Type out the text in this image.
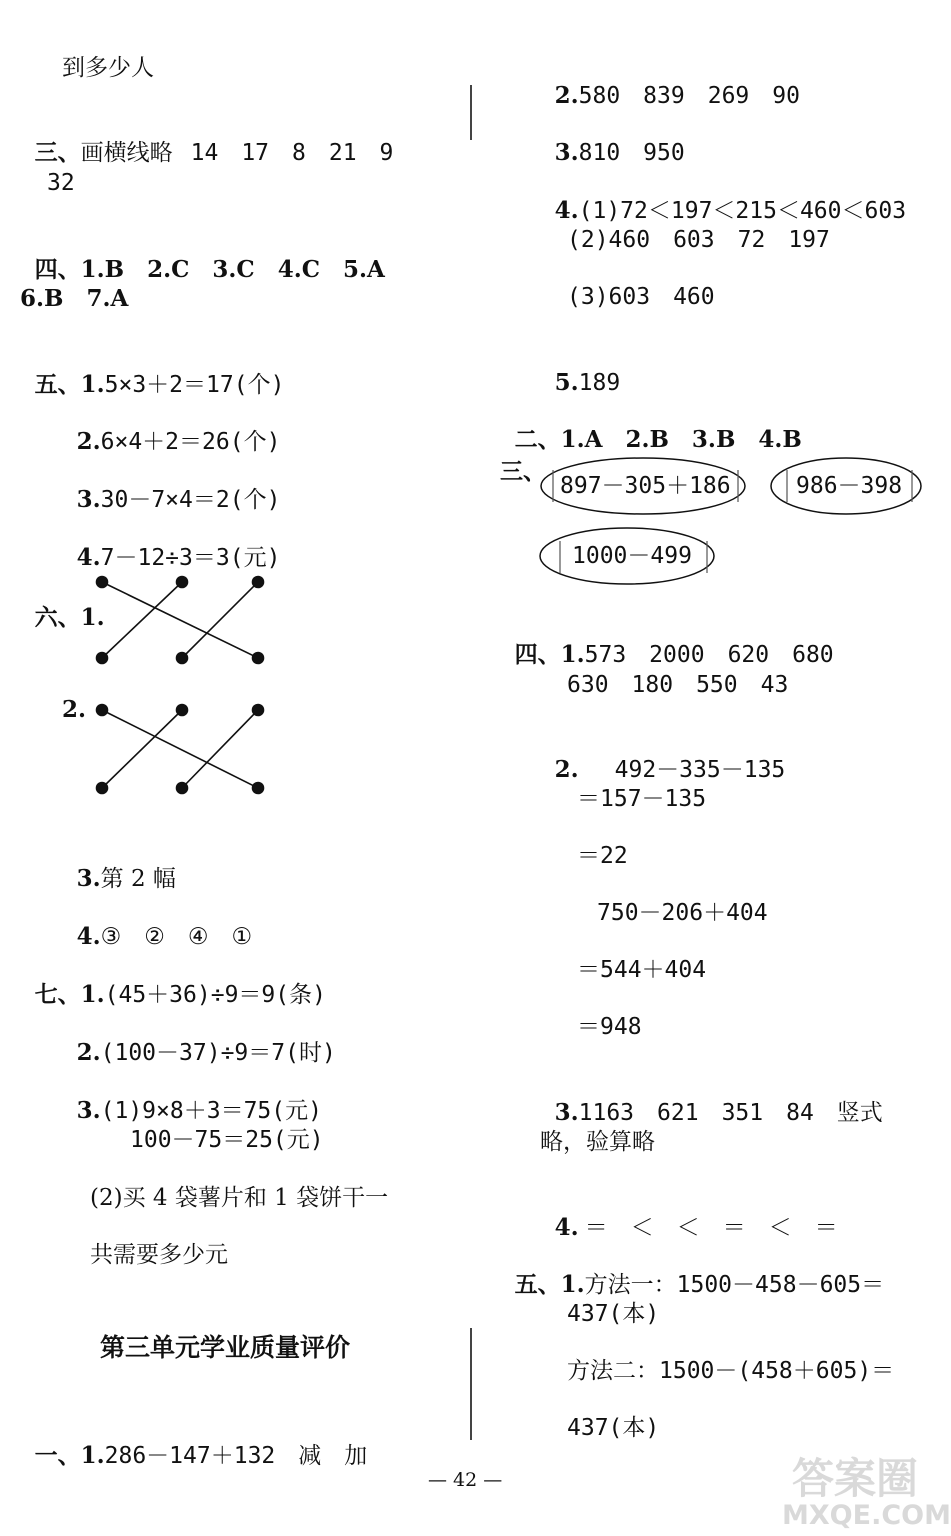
到多少人

三、画横线略 14　17　8　21　9

32

四、1.B　2.C　3.C　4.C　5.A

6.B　7.A

五、1.5×3＋2＝17(个)

2.6×4＋2＝26(个)

3.30－7×4＝2(个)

4.7－12÷3＝3(元)

六、1.

2.

3.第 2 幅

4.③　②　④　①

七、1.(45＋36)÷9＝9(条)

2.(100－37)÷9＝7(时)

3.(1)9×8＋3＝75(元)

100－75＝25(元)
(2)买 4 袋薯片和 1 袋饼干一
共需要多少元
第三单元学业质量评价

一、1.286－147＋132　减　加

2.580　839　269　90

3.810　950

4.(1)72＜197＜215＜460＜603

(2)460　603　72　197
(3)603　460

5.189

二、1.A　2.B　3.B　4.B

三、
897－305＋186	986－398
1000－499

四、1.573　2000　620　680

630　180　550　43

2. 492－335－135

＝157－135
＝22
750－206＋404
＝544＋404
＝948

3.1163　621　351　84　竖式

略，验算略

4. ＝　＜　＜　＝　＜　＝

五、1.方法一：1500－458－605＝

437(本)
方法二：1500－(458＋605)＝
437(本)
— 42 —	答案圈
MXQE.COM
